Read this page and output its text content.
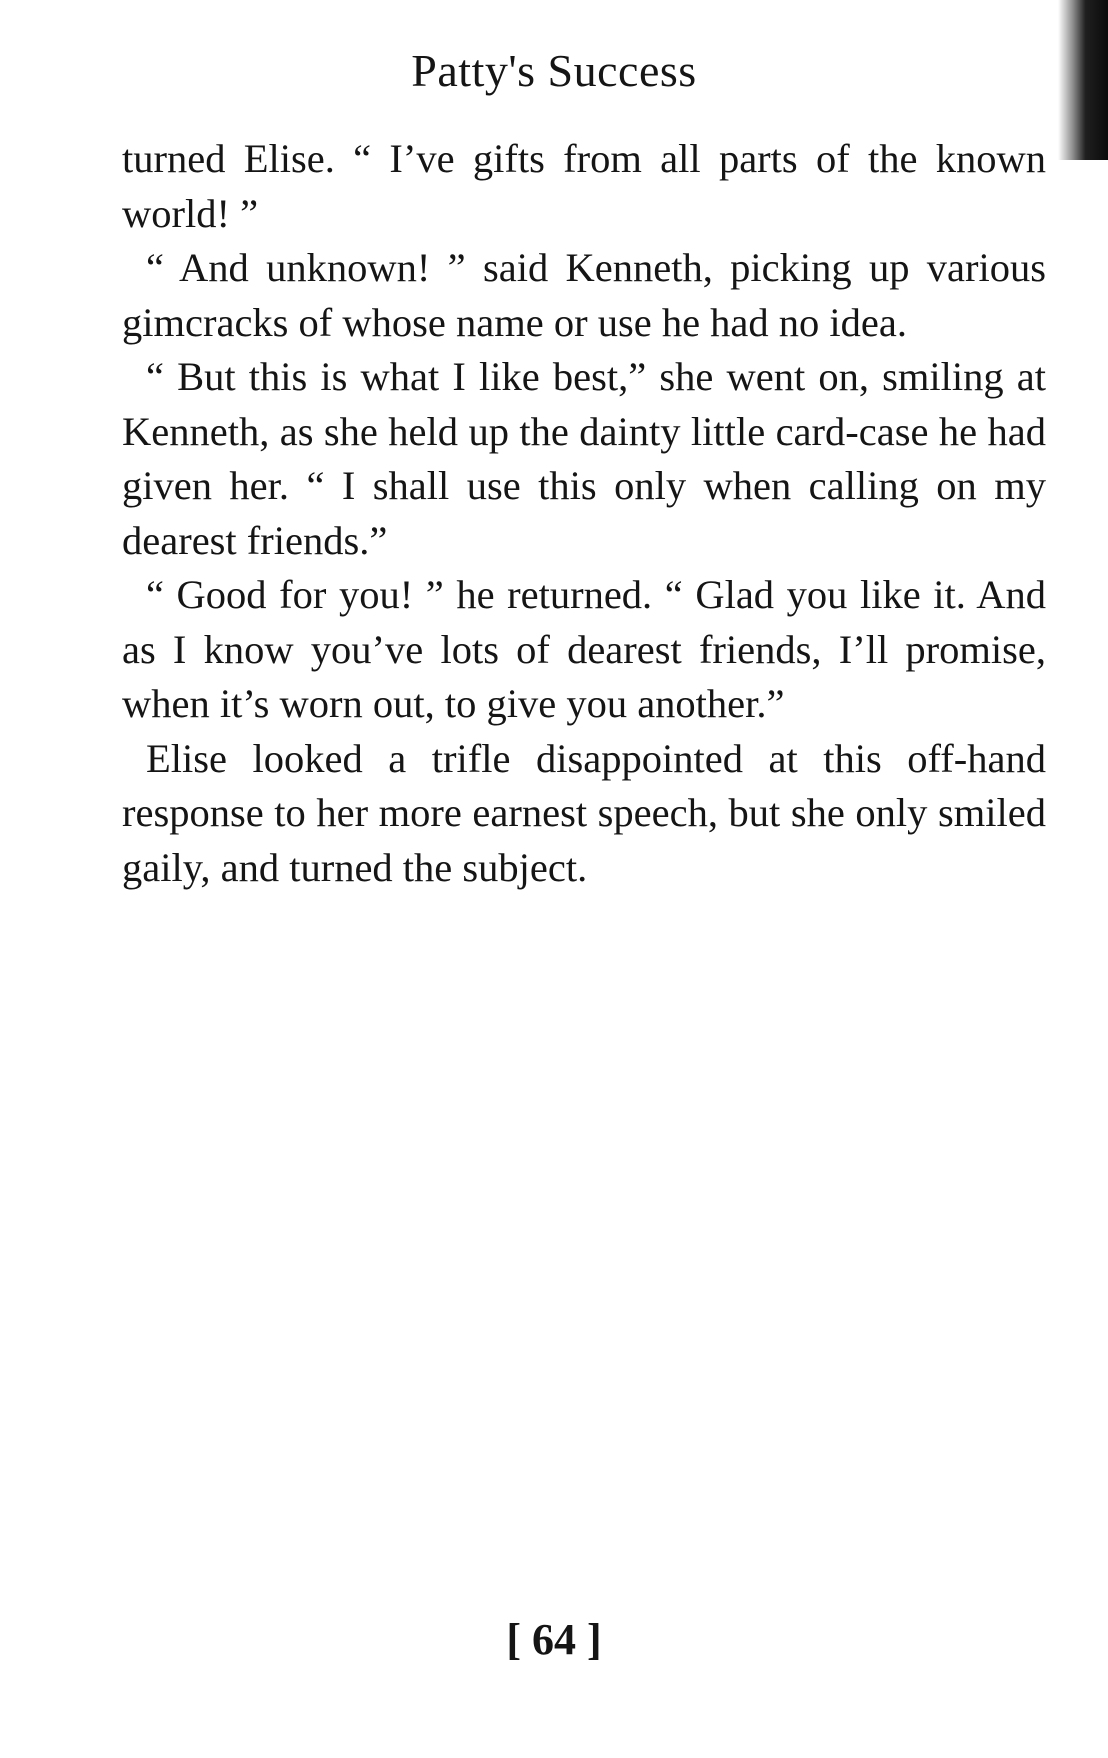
Patty's Success

turned Elise. “ I’ve gifts from all parts of the known world! ”

“ And unknown! ” said Kenneth, picking up various gimcracks of whose name or use he had no idea.

“ But this is what I like best,” she went on, smiling at Kenneth, as she held up the dainty little card-case he had given her. “ I shall use this only when calling on my dearest friends.”

“ Good for you! ” he returned. “ Glad you like it. And as I know you’ve lots of dearest friends, I’ll promise, when it’s worn out, to give you another.”

Elise looked a trifle disappointed at this off-hand response to her more earnest speech, but she only smiled gaily, and turned the subject.

[ 64 ]
